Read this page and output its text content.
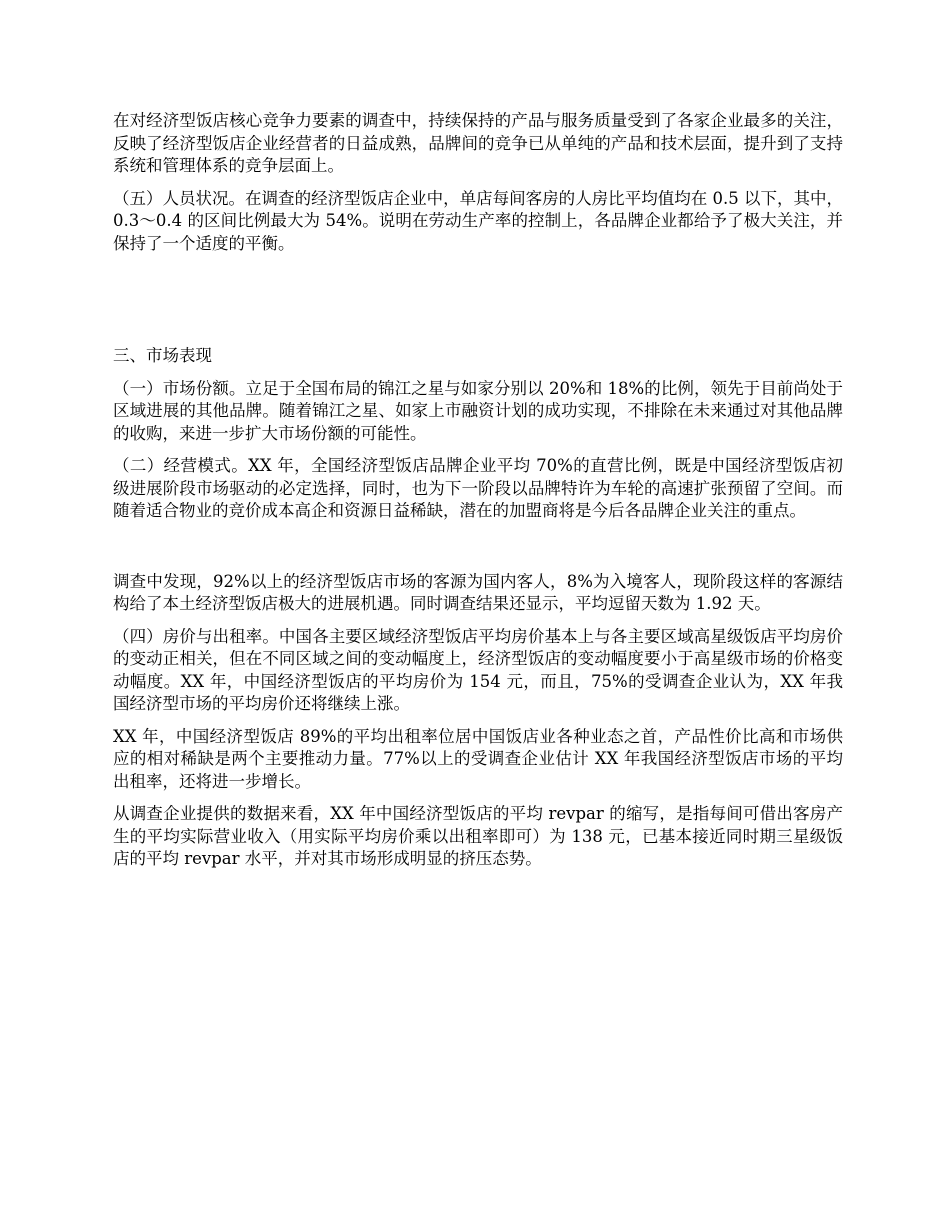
在对经济型饭店核心竞争力要素的调查中，持续保持的产品与服务质量受到了各家企业最多的关注，反映了经济型饭店企业经营者的日益成熟，品牌间的竞争已从单纯的产品和技术层面，提升到了支持系统和管理体系的竞争层面上。

（五）人员状况。在调查的经济型饭店企业中，单店每间客房的人房比平均值均在 0.5 以下，其中，0.3～0.4 的区间比例最大为 54%。说明在劳动生产率的控制上，各品牌企业都给予了极大关注，并保持了一个适度的平衡。

三、市场表现

（一）市场份额。立足于全国布局的锦江之星与如家分别以 20%和 18%的比例，领先于目前尚处于区域进展的其他品牌。随着锦江之星、如家上市融资计划的成功实现，不排除在未来通过对其他品牌的收购，来进一步扩大市场份额的可能性。

（二）经营模式。XX 年，全国经济型饭店品牌企业平均 70%的直营比例，既是中国经济型饭店初级进展阶段市场驱动的必定选择，同时，也为下一阶段以品牌特许为车轮的高速扩张预留了空间。而随着适合物业的竞价成本高企和资源日益稀缺，潜在的加盟商将是今后各品牌企业关注的重点。

调查中发现，92%以上的经济型饭店市场的客源为国内客人，8%为入境客人，现阶段这样的客源结构给了本土经济型饭店极大的进展机遇。同时调查结果还显示，平均逗留天数为 1.92 天。

（四）房价与出租率。中国各主要区域经济型饭店平均房价基本上与各主要区域高星级饭店平均房价的变动正相关，但在不同区域之间的变动幅度上，经济型饭店的变动幅度要小于高星级市场的价格变动幅度。XX 年，中国经济型饭店的平均房价为 154 元，而且，75%的受调查企业认为，XX 年我国经济型市场的平均房价还将继续上涨。

XX 年，中国经济型饭店 89%的平均出租率位居中国饭店业各种业态之首，产品性价比高和市场供应的相对稀缺是两个主要推动力量。77%以上的受调查企业估计 XX 年我国经济型饭店市场的平均出租率，还将进一步增长。

从调查企业提供的数据来看，XX 年中国经济型饭店的平均 revpar 的缩写，是指每间可借出客房产生的平均实际营业收入（用实际平均房价乘以出租率即可）为 138 元，已基本接近同时期三星级饭店的平均 revpar 水平，并对其市场形成明显的挤压态势。
